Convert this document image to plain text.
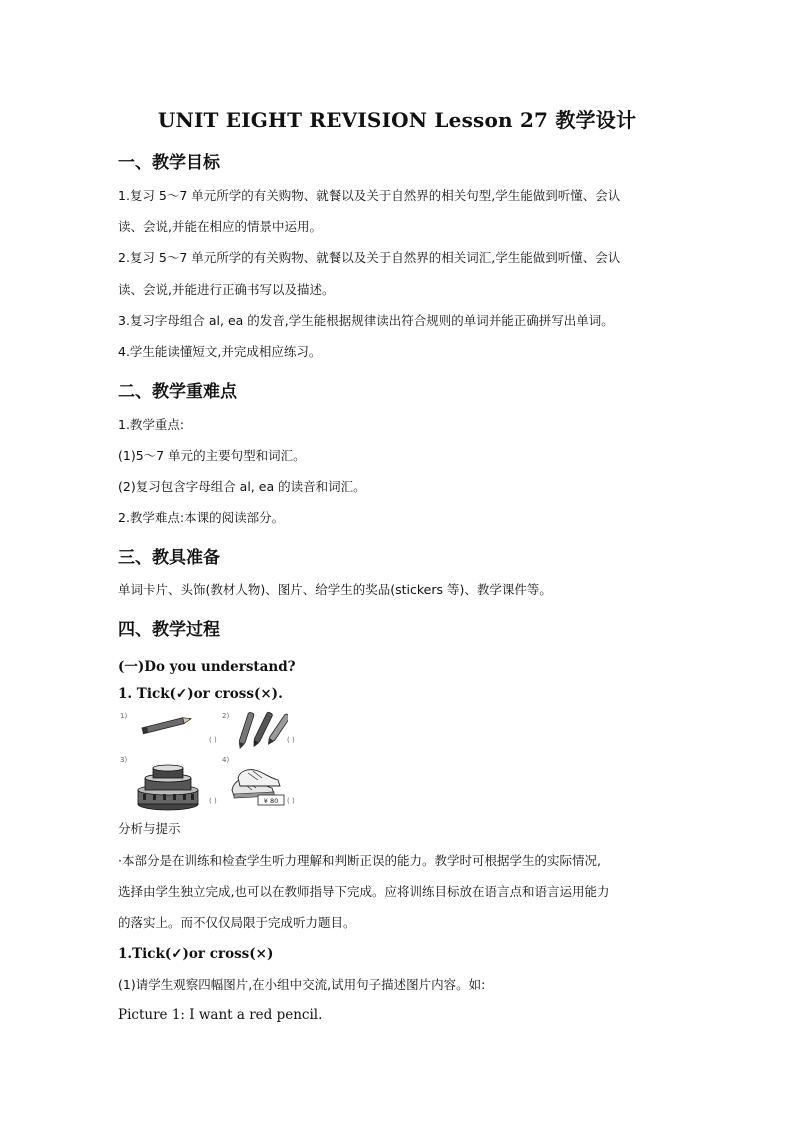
UNIT EIGHT REVISION Lesson 27 教学设计
一、教学目标
1.复习 5～7 单元所学的有关购物、就餐以及关于自然界的相关句型,学生能做到听懂、会认
读、会说,并能在相应的情景中运用。
2.复习 5～7 单元所学的有关购物、就餐以及关于自然界的相关词汇,学生能做到听懂、会认
读、会说,并能进行正确书写以及描述。
3.复习字母组合 al, ea 的发音,学生能根据规律读出符合规则的单词并能正确拼写出单词。
4.学生能读懂短文,并完成相应练习。
二、教学重难点
1.教学重点:
(1)5～7 单元的主要句型和词汇。
(2)复习包含字母组合 al, ea 的读音和词汇。
2.教学难点:本课的阅读部分。
三、教具准备
单词卡片、头饰(教材人物)、图片、给学生的奖品(stickers 等)、教学课件等。
四、教学过程
(一)Do you understand?
1. Tick(✓)or cross(×).
1)	2)
3)	4)
( )	( )
( )	( )
¥ 80
分析与提示
·本部分是在训练和检查学生听力理解和判断正误的能力。教学时可根据学生的实际情况,
选择由学生独立完成,也可以在教师指导下完成。应将训练目标放在语言点和语言运用能力
的落实上。而不仅仅局限于完成听力题目。
1.Tick(✓)or cross(×)
(1)请学生观察四幅图片,在小组中交流,试用句子描述图片内容。如:
Picture 1: I want a red pencil.
